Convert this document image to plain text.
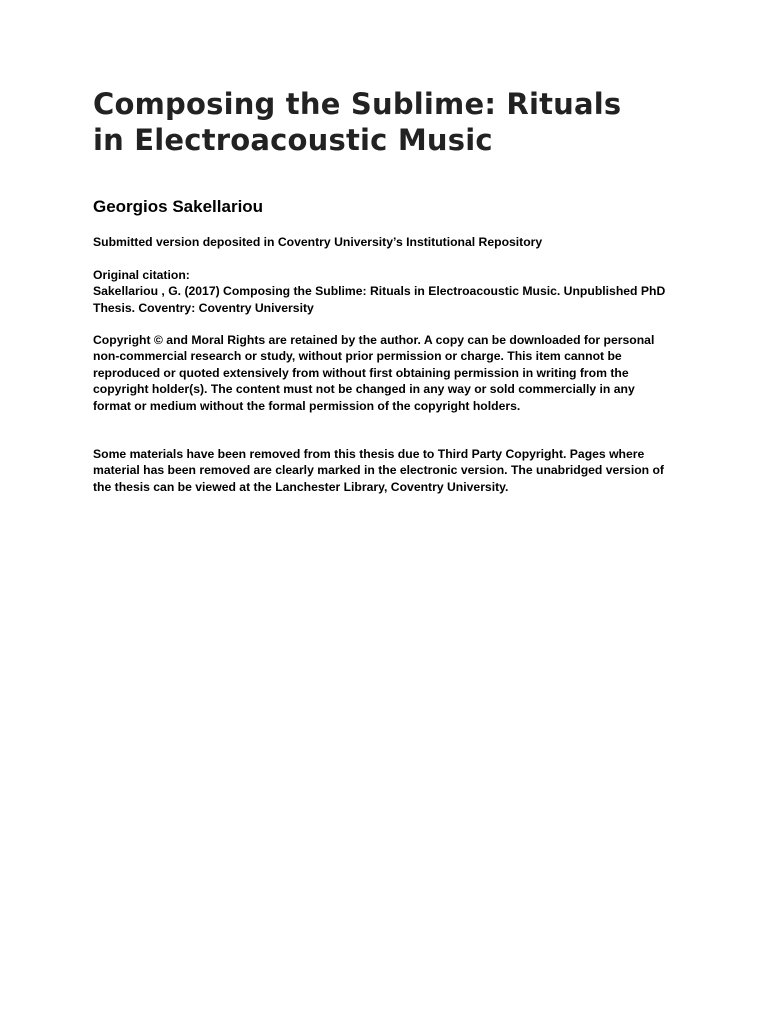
Composing the Sublime: Rituals
in Electroacoustic Music

Georgios Sakellariou

Submitted version deposited in Coventry University’s Institutional Repository

Original citation:
Sakellariou , G. (2017) Composing the Sublime: Rituals in Electroacoustic Music. Unpublished PhD
Thesis. Coventry: Coventry University

Copyright © and Moral Rights are retained by the author. A copy can be downloaded for personal
non-commercial research or study, without prior permission or charge. This item cannot be
reproduced or quoted extensively from without first obtaining permission in writing from the
copyright holder(s). The content must not be changed in any way or sold commercially in any
format or medium without the formal permission of the copyright holders.

Some materials have been removed from this thesis due to Third Party Copyright. Pages where
material has been removed are clearly marked in the electronic version. The unabridged version of
the thesis can be viewed at the Lanchester Library, Coventry University.
